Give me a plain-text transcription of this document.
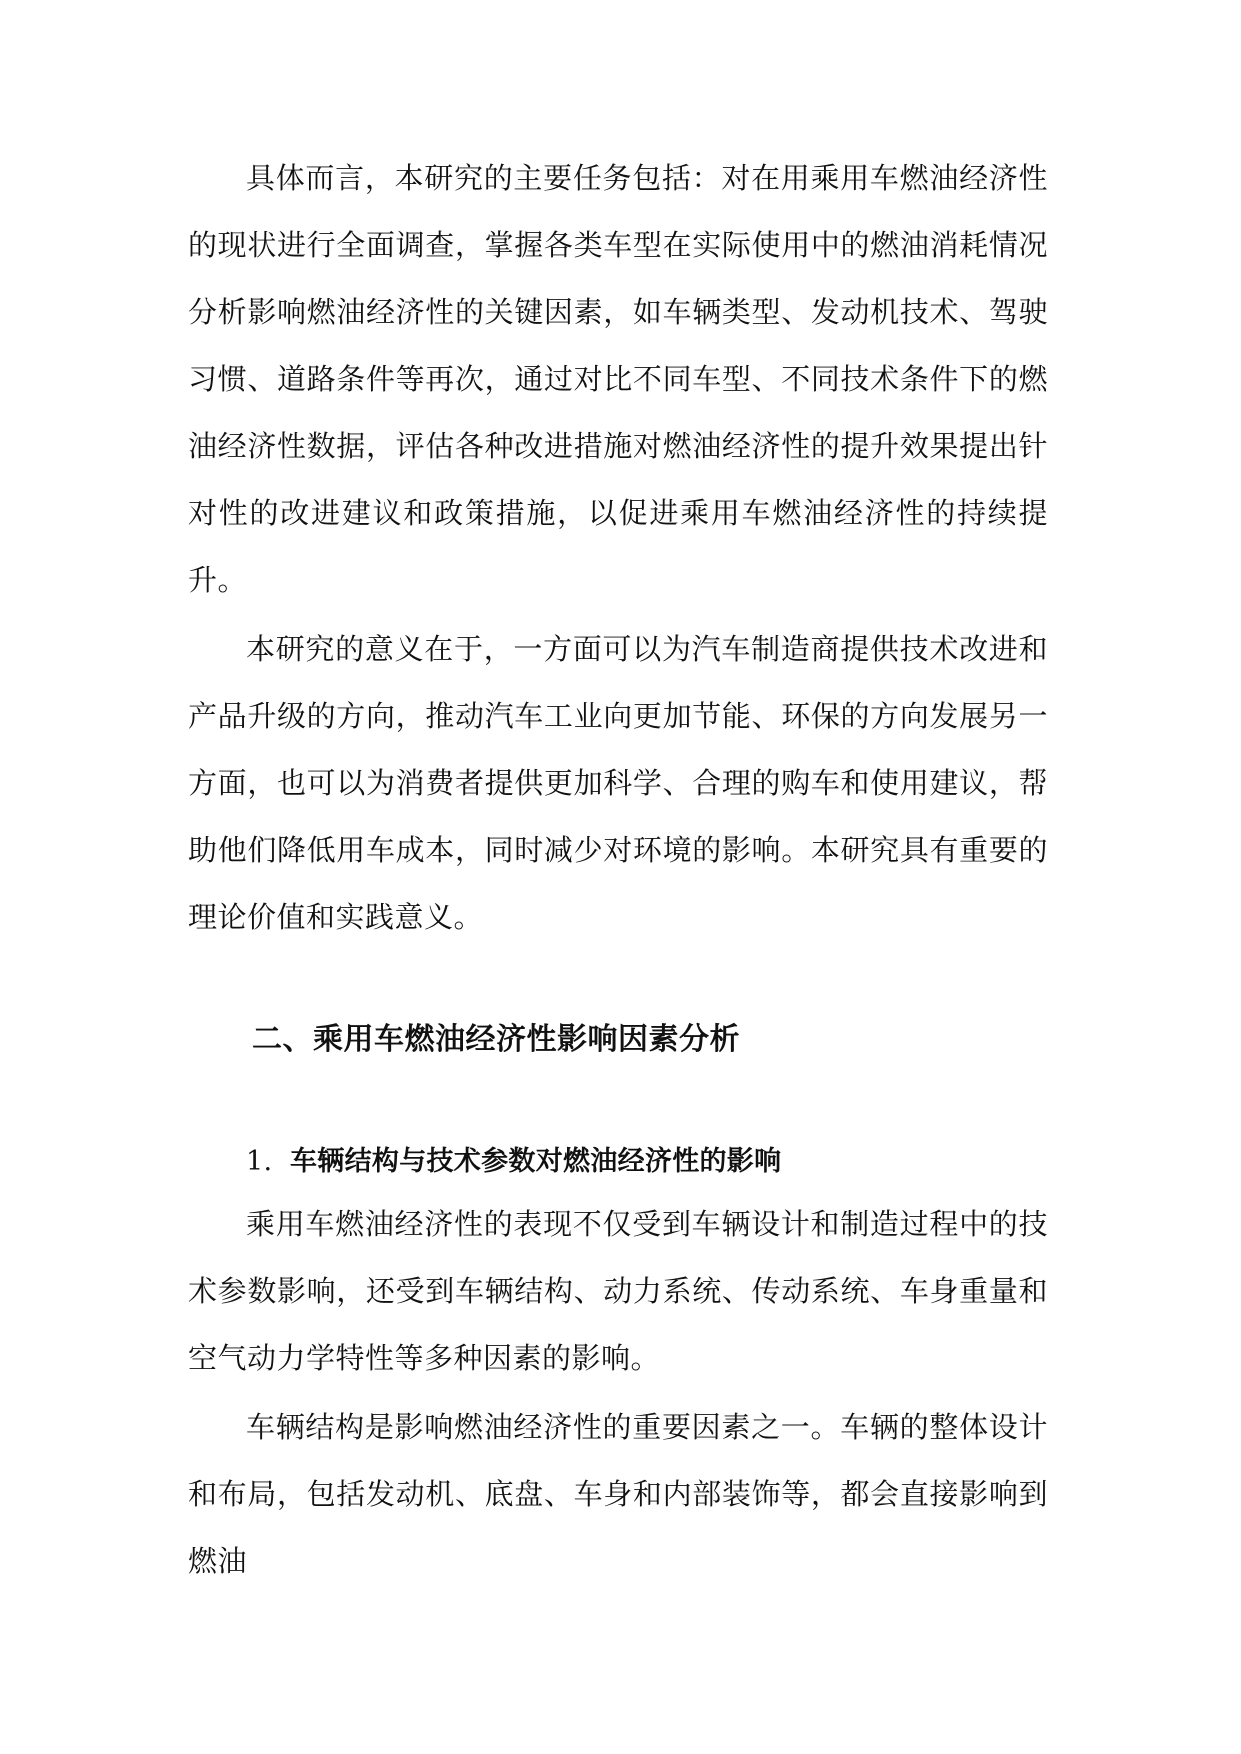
具体而言，本研究的主要任务包括：对在用乘用车燃油经济性的现状进行全面调查，掌握各类车型在实际使用中的燃油消耗情况分析影响燃油经济性的关键因素，如车辆类型、发动机技术、驾驶习惯、道路条件等再次，通过对比不同车型、不同技术条件下的燃油经济性数据，评估各种改进措施对燃油经济性的提升效果提出针对性的改进建议和政策措施，以促进乘用车燃油经济性的持续提升。

本研究的意义在于，一方面可以为汽车制造商提供技术改进和产品升级的方向，推动汽车工业向更加节能、环保的方向发展另一方面，也可以为消费者提供更加科学、合理的购车和使用建议，帮助他们降低用车成本，同时减少对环境的影响。本研究具有重要的理论价值和实践意义。

二、乘用车燃油经济性影响因素分析
1. 车辆结构与技术参数对燃油经济性的影响

乘用车燃油经济性的表现不仅受到车辆设计和制造过程中的技术参数影响，还受到车辆结构、动力系统、传动系统、车身重量和空气动力学特性等多种因素的影响。

车辆结构是影响燃油经济性的重要因素之一。车辆的整体设计和布局，包括发动机、底盘、车身和内部装饰等，都会直接影响到燃油
